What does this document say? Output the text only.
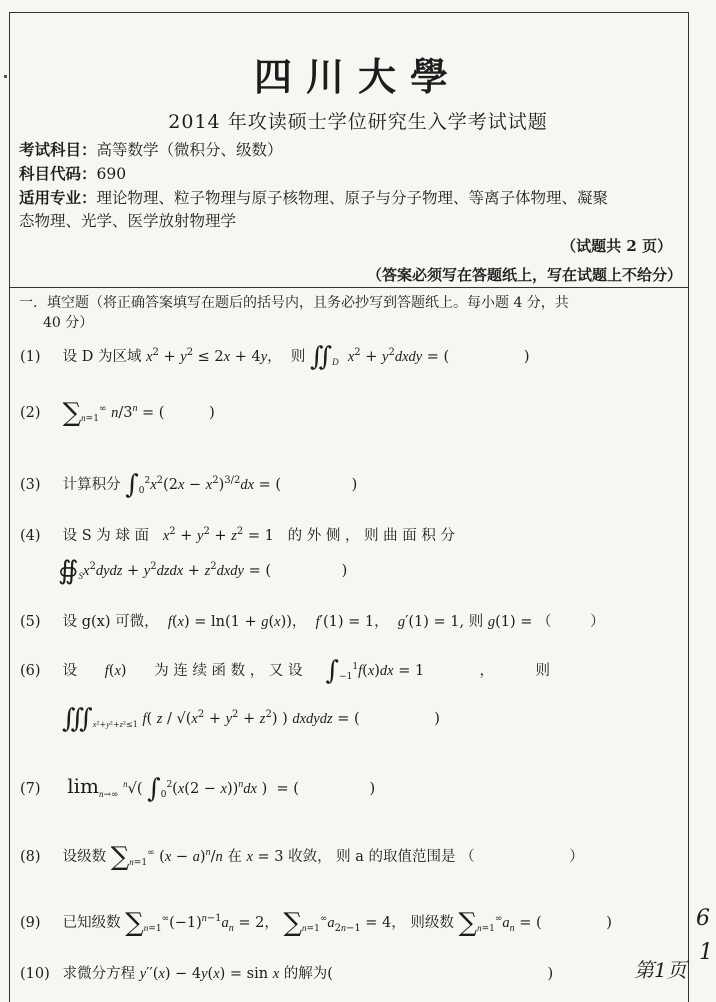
四川大學
2014 年攻读硕士学位研究生入学考试试题
考试科目：高等数学（微积分、级数）
科目代码：690
适用专业：理论物理、粒子物理与原子核物理、原子与分子物理、等离子体物理、凝聚
态物理、光学、医学放射物理学
（试题共 2 页）
（答案必须写在答题纸上，写在试题上不给分）
一．填空题（将正确答案填写在题后的括号内，且务必抄写到答题纸上。每小题 4 分，共
40 分）
(1) 设 D 为区域 $x^2 + y^2 \le 2x + 4y$，  则 $∬_D$ $x^2$ + $y^2dxdy$ = (	)
(2) $\sum_{n=1}^\infty$ $n/3^n$ = (	)
(3) 计算积分 $\int_0^2x^2(2x - x^2)^{3/2}dx$ = (	)
(4) 设 S 为 球 面 $x^2 + y^2 + z^2 = 1$ 的 外 侧 ， 则 曲 面 积 分
$∯_Sx^2dydz$ + $y^2dzdx$ + $z^2dxdy$ = (	)
(5) 设 g(x) 可微， f(x) = ln(1 + g(x))，  f′(1) = 1，  g′(1) = 1, 则 g(1) = （	）
(6) 设 f(x) 为 连 续 函 数 ， 又 设 $\int_{-1}^1f(x)dx = 1$            ，         则
$∭_{x^2+y^2+z^2\le 1}$ f( $z / √(x^2 + y^2 + z^2)$ ) dxdydz = (	)
(7) $\lim_{n\to\infty} ^n√$( $\int_0^2(x(2 - x))^ndx$ )  = (	)
(8) 设级数 $\sum_{n=1}^\infty$ $(x - a)^n/n$ 在 x = 3 收敛， 则 a 的取值范围是 （	）
(9) 已知级数 $\sum_{n=1}^\infty(-1)^{n-1}a_n = 2$， $\sum_{n=1}^\infty a_{2n-1} = 4$， 则级数 $\sum_{n=1}^\infty a_n$ = (	)
(10) 求微分方程 y′′(x) − 4y(x) = sin x 的解为(	)	第1页
6
1
